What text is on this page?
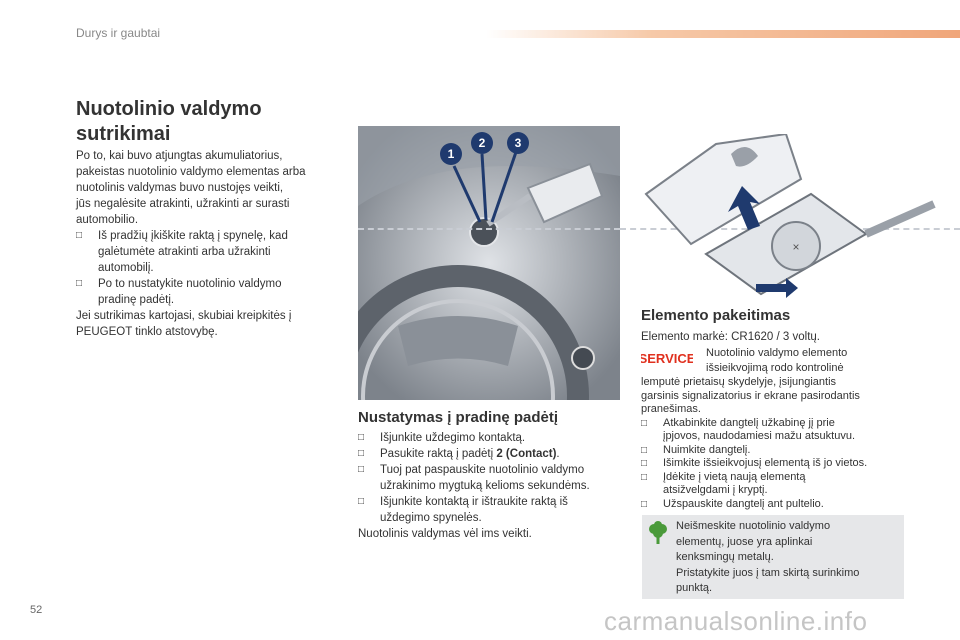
Durys ir gaubtai
Nuotolinio valdymo
sutrikimai
Po to, kai buvo atjungtas akumuliatorius,
pakeistas nuotolinio valdymo elementas arba
nuotolinis valdymas buvo nustojęs veikti,
jūs negalėsite atrakinti, užrakinti ar surasti
automobilio.
□	Iš pradžių įkiškite raktą į spynelę, kad
galėtumėte atrakinti arba užrakinti
automobilį.
□	Po to nustatykite nuotolinio valdymo
pradinę padėtį.
Jei sutrikimas kartojasi, skubiai kreipkitės į
PEUGEOT tinklo atstovybę.
1
2 3
Nustatymas į pradinę padėtį
□	Išjunkite uždegimo kontaktą.
□	Pasukite raktą į padėtį 2 (Contact).
□	Tuoj pat paspauskite nuotolinio valdymo
užrakinimo mygtuką kelioms sekundėms.
□	Išjunkite kontaktą ir ištraukite raktą iš
uždegimo spynelės.
Nuotolinis valdymas vėl ims veikti.
×
Elemento pakeitimas
Elemento markė: CR1620 / 3 voltų.
SERVICE Nuotolinio valdymo elemento
išsieikvojimą rodo kontrolinė
lemputė prietaisų skydelyje, įsijungiantis
garsinis signalizatorius ir ekrane pasirodantis
pranešimas.
□	Atkabinkite dangtelį užkabinę jį prie
įpjovos, naudodamiesi mažu atsuktuvu.
□	Nuimkite dangtelį.
□	Išimkite išsieikvojusį elementą iš jo vietos.
□	Įdėkite į vietą naują elementą
atsižvelgdami į kryptį.
□	Užspauskite dangtelį ant pultelio.
Neišmeskite nuotolinio valdymo
elementų, juose yra aplinkai
kenksmingų metalų.
Pristatykite juos į tam skirtą surinkimo
punktą.
52	carmanualsonline.info
